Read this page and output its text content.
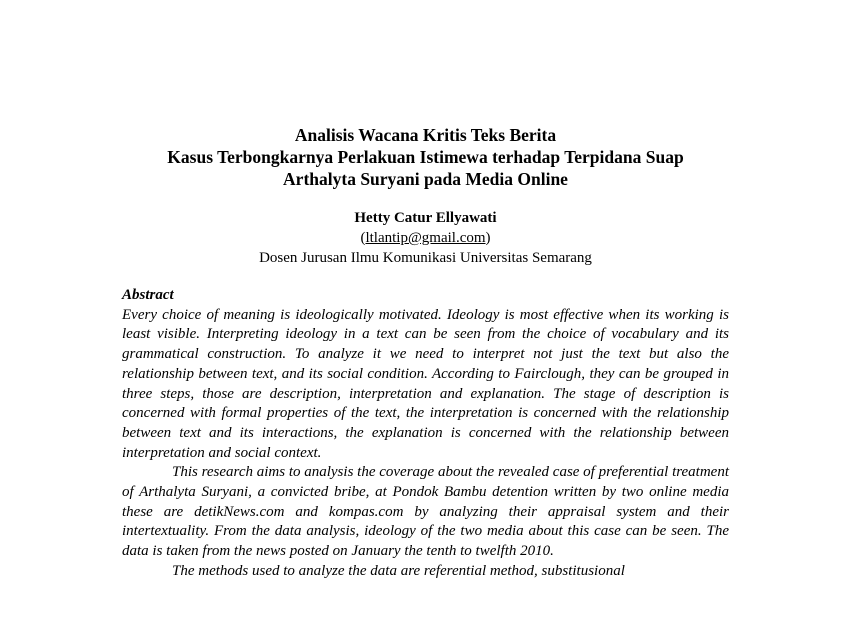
Analisis Wacana Kritis Teks Berita
Kasus Terbongkarnya Perlakuan Istimewa terhadap Terpidana Suap
Arthalyta Suryani pada Media Online
Hetty Catur Ellyawati
(ltlantip@gmail.com)
Dosen Jurusan Ilmu Komunikasi Universitas Semarang
Abstract

Every choice of meaning is ideologically motivated. Ideology is most effective when its working is least visible. Interpreting ideology in a text can be seen from the choice of vocabulary and its grammatical construction. To analyze it we need to interpret not just the text but also the relationship between text, and its social condition. According to Fairclough, they can be grouped in three steps, those are description, interpretation and explanation. The stage of description is concerned with formal properties of the text, the interpretation is concerned with the relationship between text and its interactions, the explanation is concerned with the relationship between interpretation and social context.

This research aims to analysis the coverage about the revealed case of preferential treatment of Arthalyta Suryani, a convicted bribe, at Pondok Bambu detention written by two online media these are detikNews.com and kompas.com by analyzing their appraisal system and their intertextuality. From the data analysis, ideology of the two media about this case can be seen. The data is taken from the news posted on January the tenth to twelfth 2010.

The methods used to analyze the data are referential method, substitusional
